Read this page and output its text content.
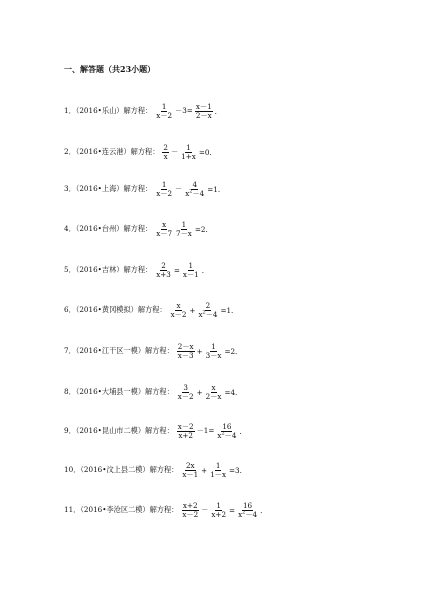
一、解答题（共23小题）
1．（2016•乐山）解方程： $\frac{1}{x-2} -3= \frac{x-1}{2-x}$ .
2．（2016•连云港）解方程： $\frac{2}{x} - \frac{1}{1+x} =0$.
3．（2016•上海）解方程： $\frac{1}{x-2} - \frac{4}{x^2-4} =1$.
4．（2016•台州）解方程： $\frac{x}{x-7} \frac{1}{7-x} =2$.
5．（2016•吉林）解方程： $\frac{2}{x+3} = \frac{1}{x-1}$ .
6．（2016•黄冈模拟）解方程： $\frac{x}{x-2} + \frac{2}{x^2-4} =1$.
7．（2016•江干区一模）解方程： $\frac{2-x}{x-3} + \frac{1}{3-x} =2$.
8．（2016•大埔县一模）解方程： $\frac{3}{x-2} + \frac{x}{2-x} =4$.
9．（2016•昆山市二模）解方程： $\frac{x-2}{x+2} -1= \frac{16}{x^2-4}$ .
10．（2016•汶上县二模）解方程： $\frac{2x}{x-1} + \frac{1}{1-x} =3$.
11．（2016•李沧区二模）解方程： $\frac{x+2}{x-2} - \frac{1}{x+2} = \frac{16}{x^2-4}$ .
